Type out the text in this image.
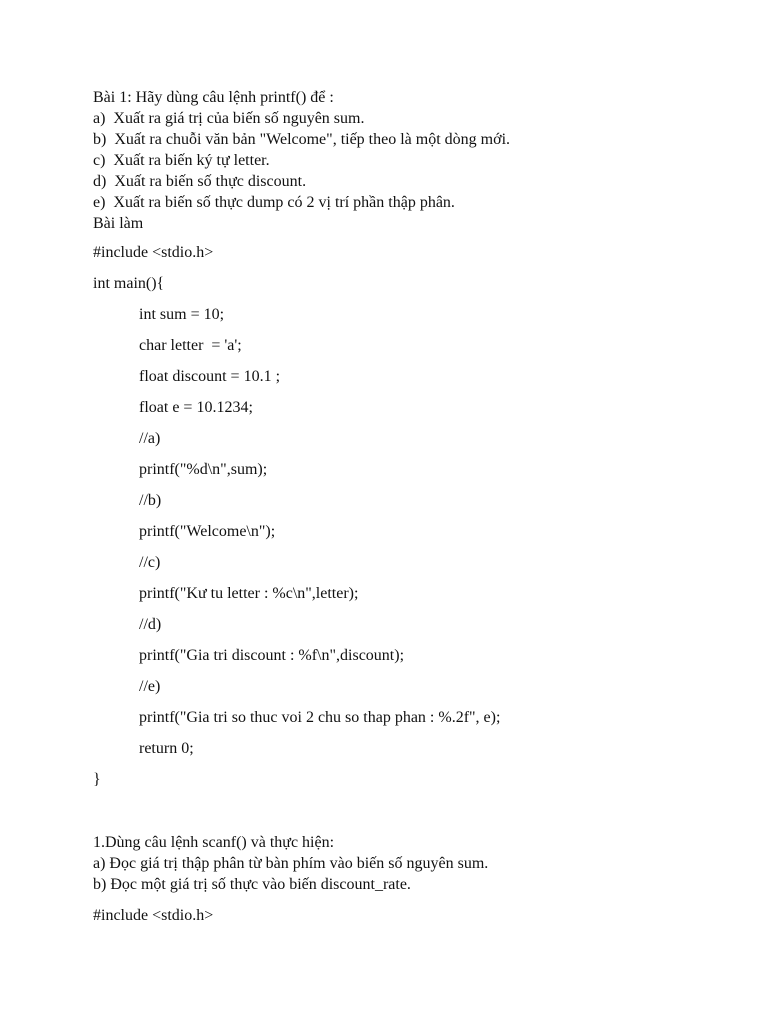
Bài 1: Hãy dùng câu lệnh printf() để :
a)  Xuất ra giá trị của biến số nguyên sum.
b)  Xuất ra chuỗi văn bản "Welcome", tiếp theo là một dòng mới.
c)  Xuất ra biến ký tự letter.
d)  Xuất ra biến số thực discount.
e)  Xuất ra biến số thực dump có 2 vị trí phần thập phân.
Bài làm
#include <stdio.h>
int main(){
int sum = 10;
char letter  = 'a';
float discount = 10.1 ;
float e = 10.1234;
//a)
printf("%d\n",sum);
//b)
printf("Welcome\n");
//c)
printf("Kư tu letter : %c\n",letter);
//d)
printf("Gia tri discount : %f\n",discount);
//e)
printf("Gia tri so thuc voi 2 chu so thap phan : %.2f", e);
return 0;
}
1.Dùng câu lệnh scanf() và thực hiện:
a) Đọc giá trị thập phân từ bàn phím vào biến số nguyên sum.
b) Đọc một giá trị số thực vào biến discount_rate.
#include <stdio.h>
